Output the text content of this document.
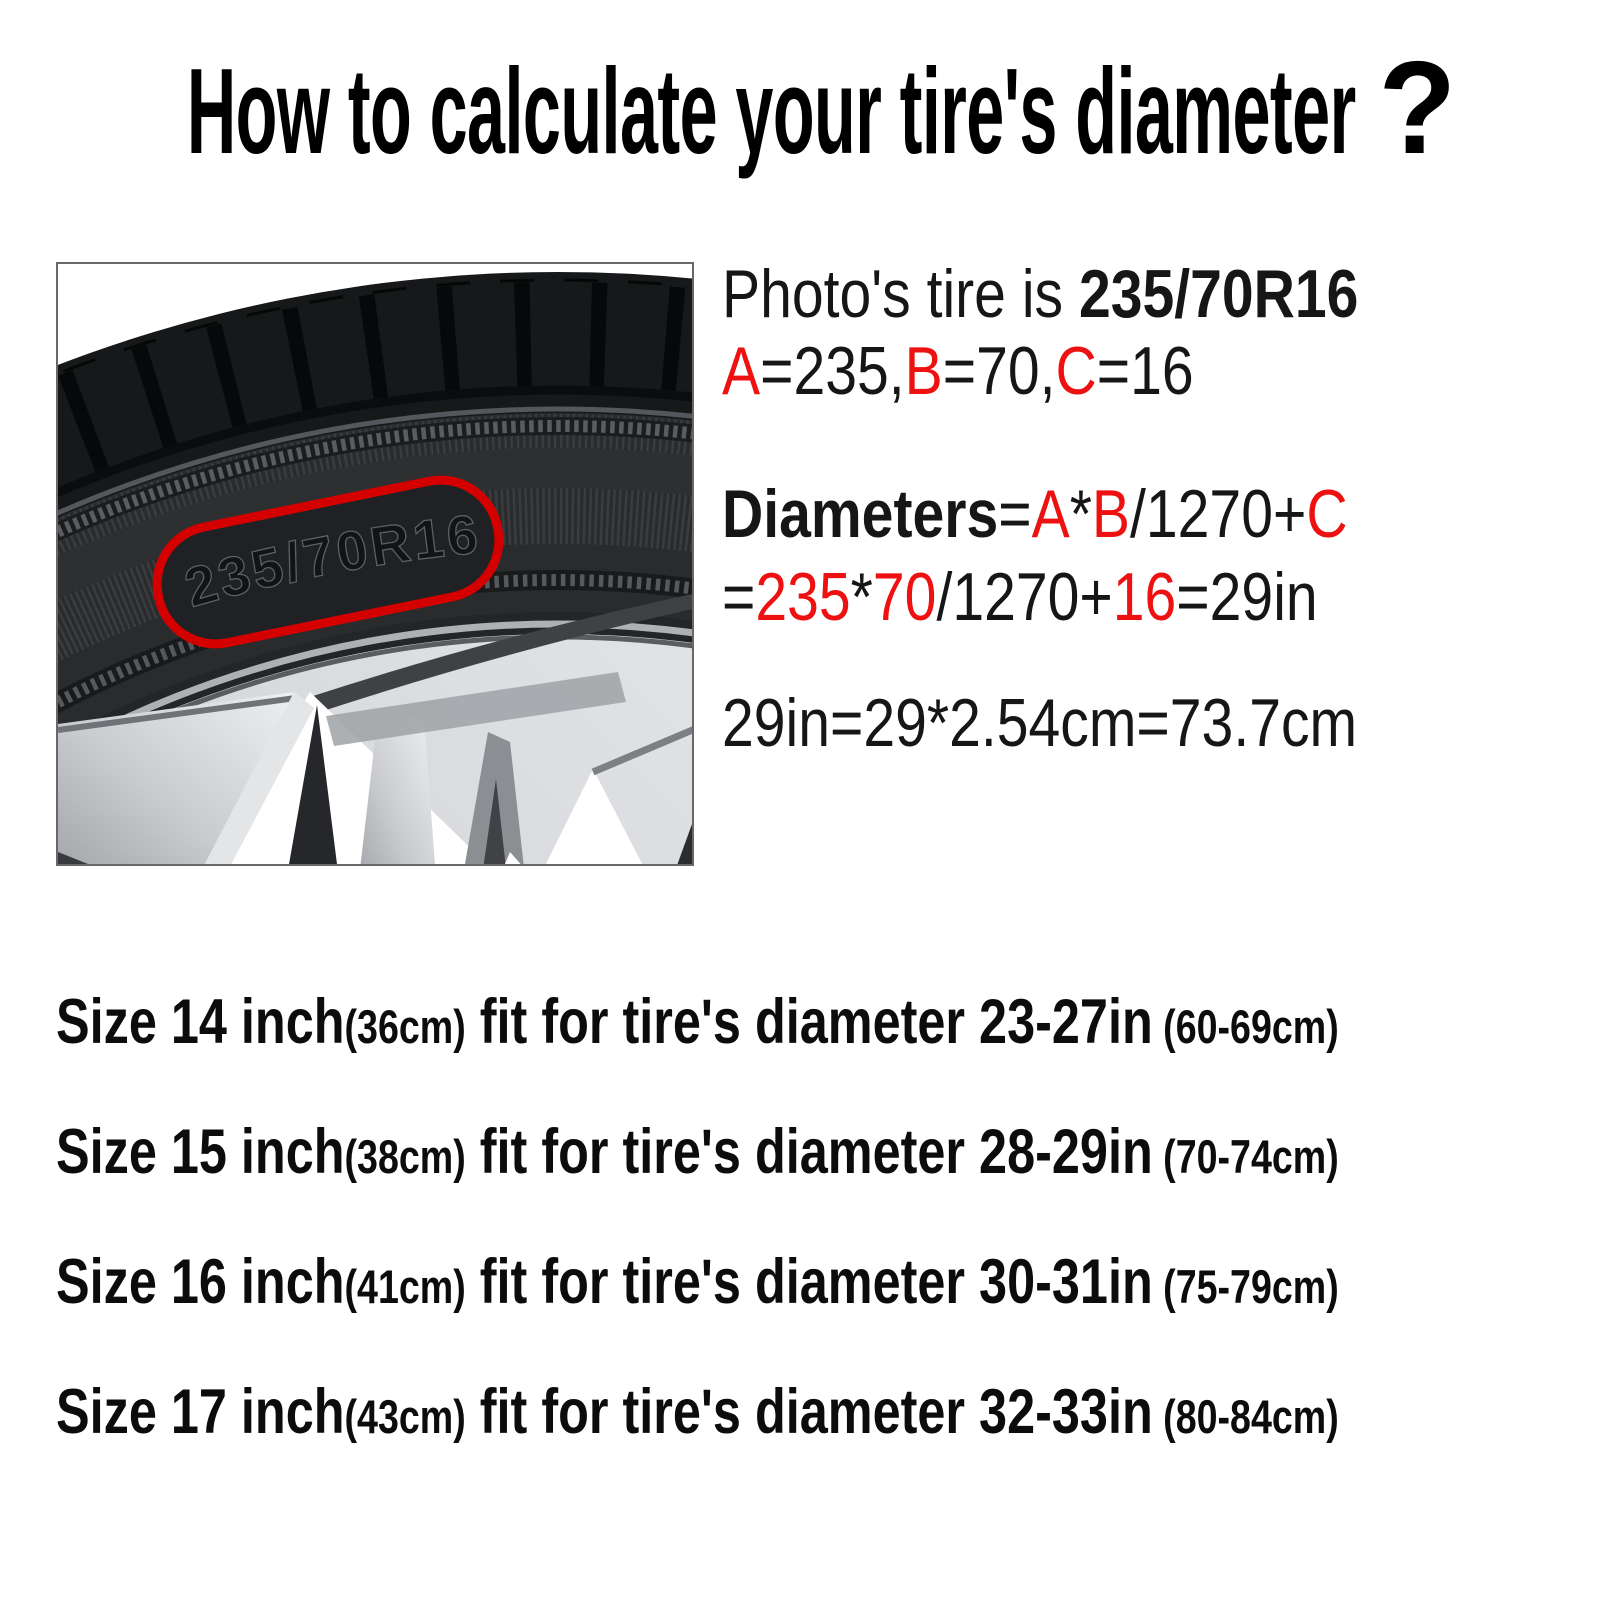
How to calculate your tire's diameter ?
235/70R16
Photo's tire is 235/70R16
A=235,B=70,C=16
Diameters=A*B/1270+C
=235*70/1270+16=29in
29in=29*2.54cm=73.7cm
Size 14 inch(36cm) fit for tire's diameter 23-27in (60-69cm)
Size 15 inch(38cm) fit for tire's diameter 28-29in (70-74cm)
Size 16 inch(41cm) fit for tire's diameter 30-31in (75-79cm)
Size 17 inch(43cm) fit for tire's diameter 32-33in (80-84cm)
